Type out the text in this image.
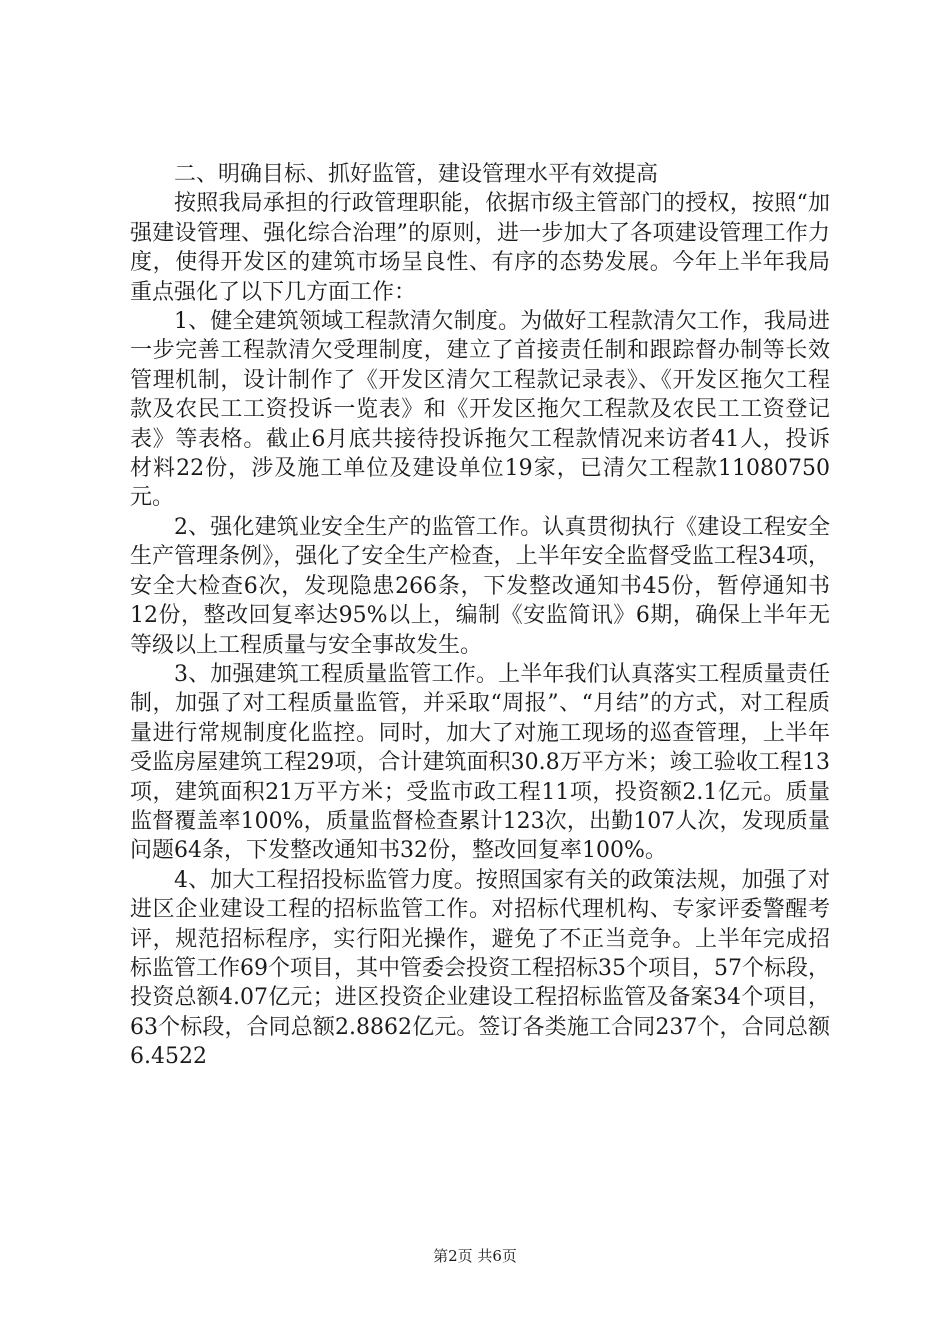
二、明确目标、抓好监管，建设管理水平有效提高

按照我局承担的行政管理职能，依据市级主管部门的授权，按照“加强建设管理、强化综合治理”的原则，进一步加大了各项建设管理工作力度，使得开发区的建筑市场呈良性、有序的态势发展。今年上半年我局重点强化了以下几方面工作：

1、健全建筑领域工程款清欠制度。为做好工程款清欠工作，我局进一步完善工程款清欠受理制度，建立了首接责任制和跟踪督办制等长效管理机制，设计制作了《开发区清欠工程款记录表》、《开发区拖欠工程款及农民工工资投诉一览表》和《开发区拖欠工程款及农民工工资登记表》等表格。截止6月底共接待投诉拖欠工程款情况来访者41人，投诉材料22份，涉及施工单位及建设单位19家，已清欠工程款11080750元。

2、强化建筑业安全生产的监管工作。认真贯彻执行《建设工程安全生产管理条例》，强化了安全生产检查，上半年安全监督受监工程34项，安全大检查6次，发现隐患266条，下发整改通知书45份，暂停通知书12份，整改回复率达95%以上，编制《安监简讯》6期，确保上半年无等级以上工程质量与安全事故发生。

3、加强建筑工程质量监管工作。上半年我们认真落实工程质量责任制，加强了对工程质量监管，并采取“周报”、“月结”的方式，对工程质量进行常规制度化监控。同时，加大了对施工现场的巡查管理，上半年受监房屋建筑工程29项，合计建筑面积30.8万平方米；竣工验收工程13项，建筑面积21万平方米；受监市政工程11项，投资额2.1亿元。质量监督覆盖率100%，质量监督检查累计123次，出勤107人次，发现质量问题64条，下发整改通知书32份，整改回复率100%。

4、加大工程招投标监管力度。按照国家有关的政策法规，加强了对进区企业建设工程的招标监管工作。对招标代理机构、专家评委警醒考评，规范招标程序，实行阳光操作，避免了不正当竞争。上半年完成招标监管工作69个项目，其中管委会投资工程招标35个项目，57个标段，投资总额4.07亿元；进区投资企业建设工程招标监管及备案34个项目，63个标段，合同总额2.8862亿元。签订各类施工合同237个，合同总额6.4522

第2页 共6页
